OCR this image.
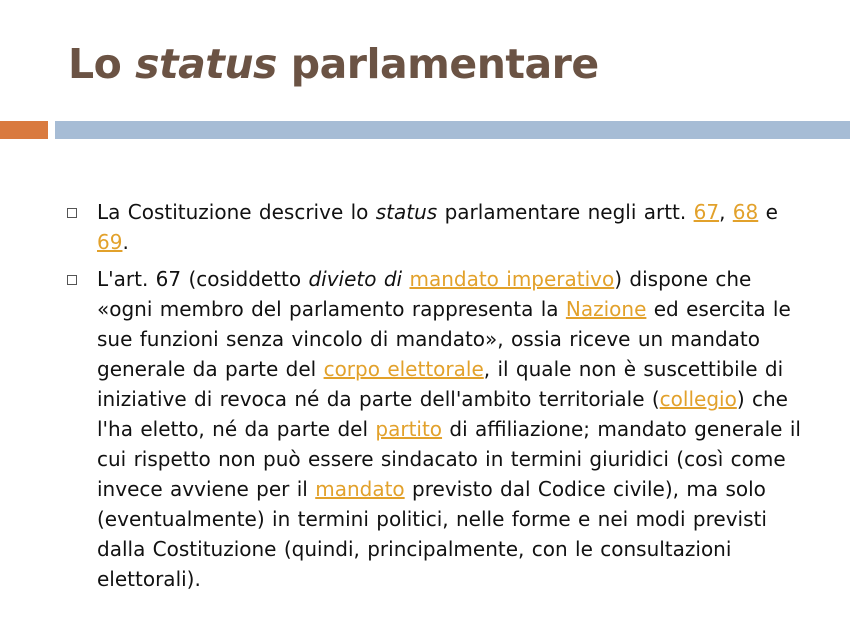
Lo status parlamentare
La Costituzione descrive lo status parlamentare negli artt. 67, 68 e 69.
L'art. 67 (cosiddetto divieto di mandato imperativo) dispone che «ogni membro del parlamento rappresenta la Nazione ed esercita le sue funzioni senza vincolo di mandato», ossia riceve un mandato generale da parte del corpo elettorale, il quale non è suscettibile di iniziative di revoca né da parte dell'ambito territoriale (collegio) che l'ha eletto, né da parte del partito di affiliazione; mandato generale il cui rispetto non può essere sindacato in termini giuridici (così come invece avviene per il mandato previsto dal Codice civile), ma solo (eventualmente) in termini politici, nelle forme e nei modi previsti dalla Costituzione (quindi, principalmente, con le consultazioni elettorali).
